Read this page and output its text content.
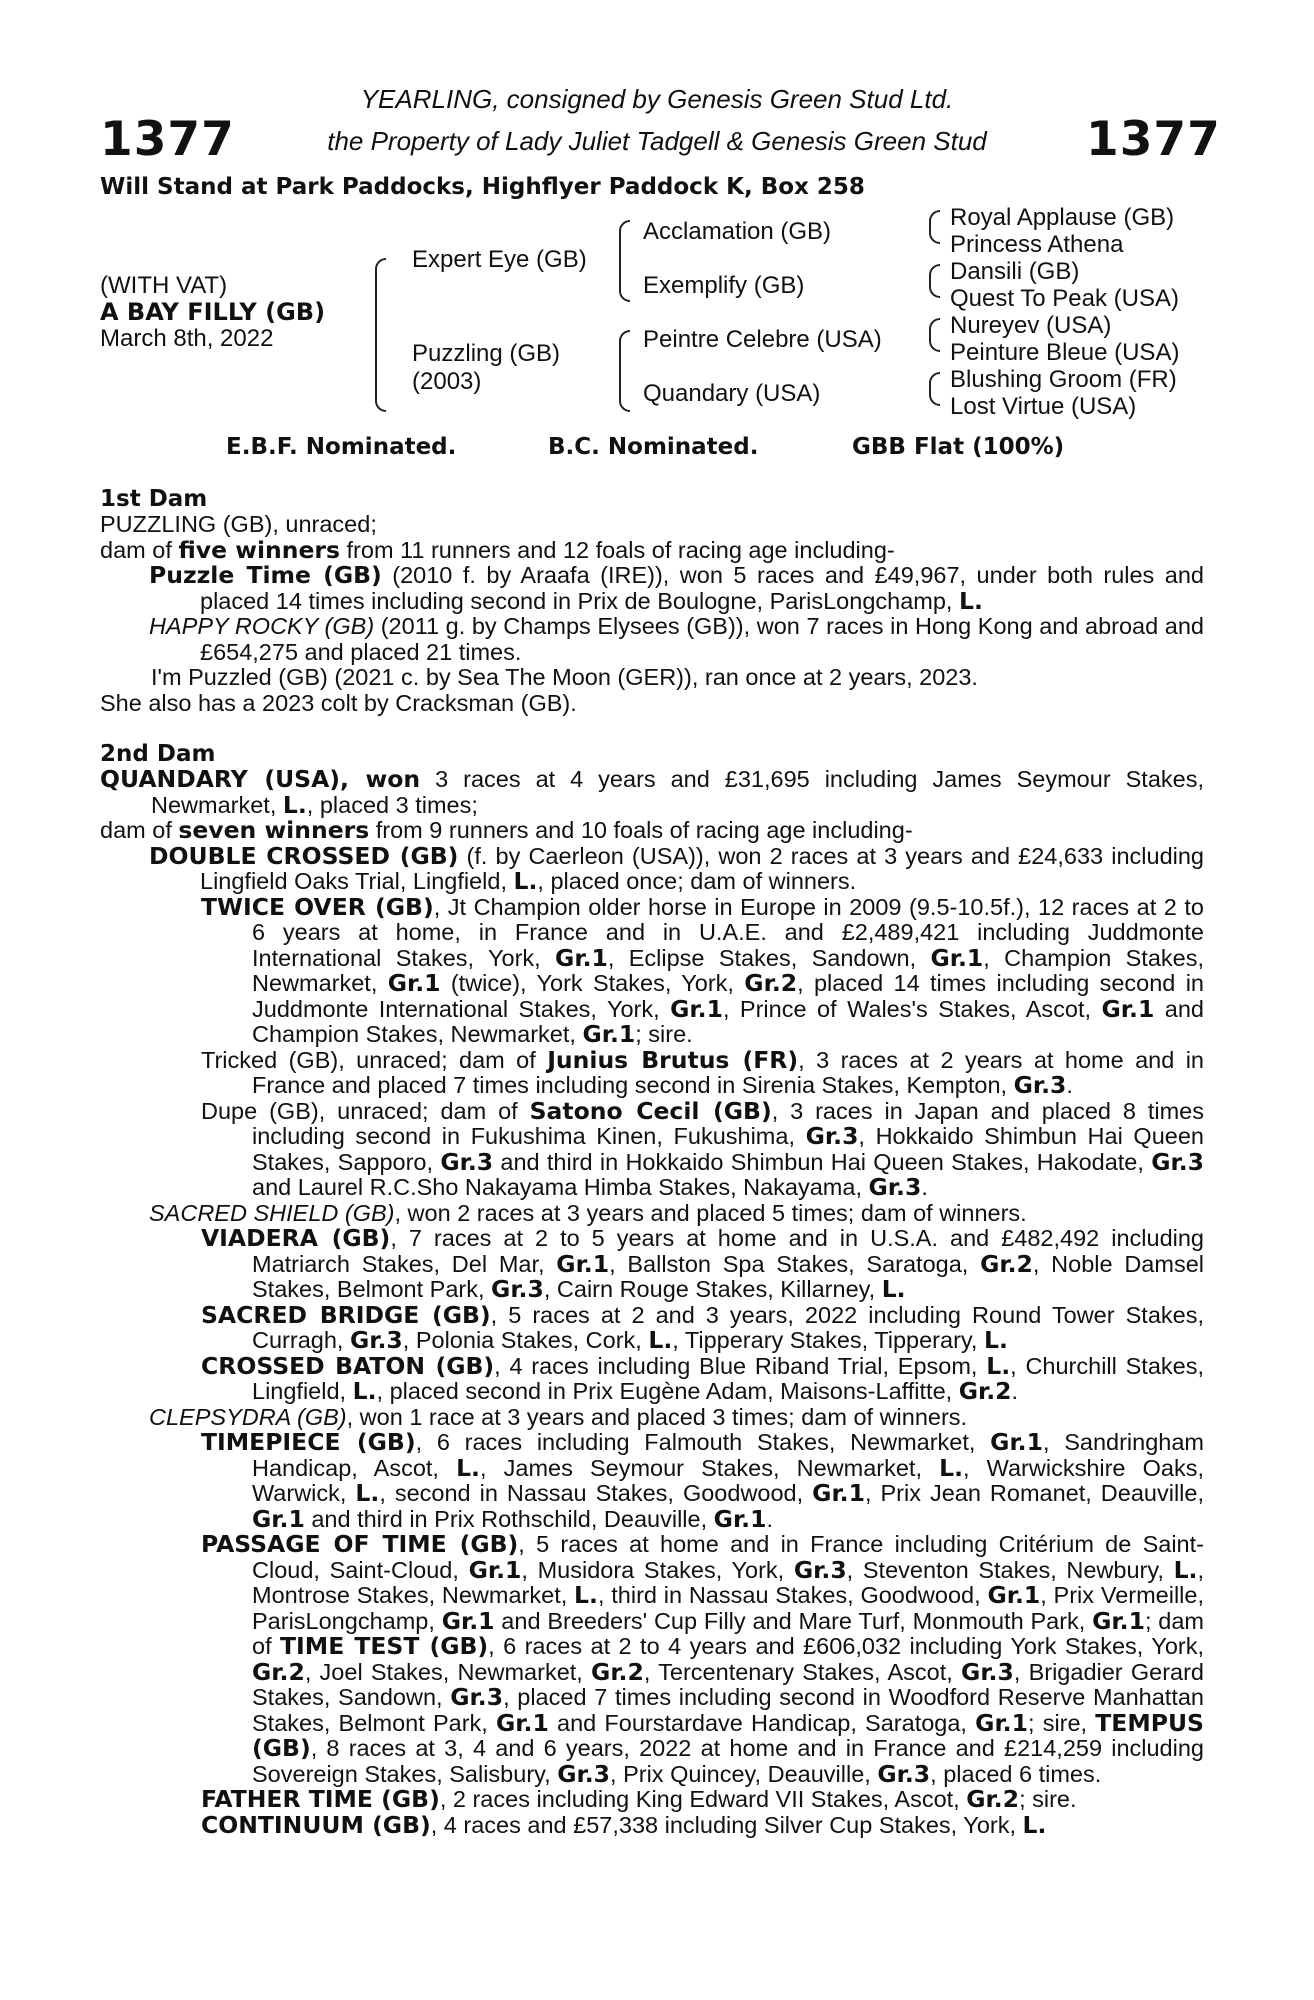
1377	1377
YEARLING, consigned by Genesis Green Stud Ltd.
the Property of Lady Juliet Tadgell & Genesis Green Stud
Will Stand at Park Paddocks, Highflyer Paddock K, Box 258
(WITH VAT)
A BAY FILLY (GB)
March 8th, 2022
Expert Eye (GB)
Puzzling (GB)
(2003)
Acclamation (GB)
Exemplify (GB)
Peintre Celebre (USA)
Quandary (USA)
Royal Applause (GB)
Princess Athena
Dansili (GB)
Quest To Peak (USA)
Nureyev (USA)
Peinture Bleue (USA)
Blushing Groom (FR)
Lost Virtue (USA)
E.B.F. Nominated.	B.C. Nominated.	GBB Flat (100%)
1st Dam

PUZZLING (GB), unraced;

dam of five winners from 11 runners and 12 foals of racing age including-

Puzzle Time (GB) (2010 f. by Araafa (IRE)), won 5 races and £49,967, under both rules and placed 14 times including second in Prix de Boulogne, ParisLongchamp, L.

HAPPY ROCKY (GB) (2011 g. by Champs Elysees (GB)), won 7 races in Hong Kong and abroad and £654,275 and placed 21 times.

I'm Puzzled (GB) (2021 c. by Sea The Moon (GER)), ran once at 2 years, 2023.

She also has a 2023 colt by Cracksman (GB).

2nd Dam

QUANDARY (USA), won 3 races at 4 years and £31,695 including James Seymour Stakes, Newmarket, L., placed 3 times;

dam of seven winners from 9 runners and 10 foals of racing age including-

DOUBLE CROSSED (GB) (f. by Caerleon (USA)), won 2 races at 3 years and £24,633 including Lingfield Oaks Trial, Lingfield, L., placed once; dam of winners.

TWICE OVER (GB), Jt Champion older horse in Europe in 2009 (9.5-10.5f.), 12 races at 2 to 6 years at home, in France and in U.A.E. and £2,489,421 including Juddmonte International Stakes, York, Gr.1, Eclipse Stakes, Sandown, Gr.1, Champion Stakes, Newmarket, Gr.1 (twice), York Stakes, York, Gr.2, placed 14 times including second in Juddmonte International Stakes, York, Gr.1, Prince of Wales's Stakes, Ascot, Gr.1 and Champion Stakes, Newmarket, Gr.1; sire.

Tricked (GB), unraced; dam of Junius Brutus (FR), 3 races at 2 years at home and in France and placed 7 times including second in Sirenia Stakes, Kempton, Gr.3.

Dupe (GB), unraced; dam of Satono Cecil (GB), 3 races in Japan and placed 8 times including second in Fukushima Kinen, Fukushima, Gr.3, Hokkaido Shimbun Hai Queen Stakes, Sapporo, Gr.3 and third in Hokkaido Shimbun Hai Queen Stakes, Hakodate, Gr.3 and Laurel R.C.Sho Nakayama Himba Stakes, Nakayama, Gr.3.

SACRED SHIELD (GB), won 2 races at 3 years and placed 5 times; dam of winners.

VIADERA (GB), 7 races at 2 to 5 years at home and in U.S.A. and £482,492 including Matriarch Stakes, Del Mar, Gr.1, Ballston Spa Stakes, Saratoga, Gr.2, Noble Damsel Stakes, Belmont Park, Gr.3, Cairn Rouge Stakes, Killarney, L.

SACRED BRIDGE (GB), 5 races at 2 and 3 years, 2022 including Round Tower Stakes, Curragh, Gr.3, Polonia Stakes, Cork, L., Tipperary Stakes, Tipperary, L.

CROSSED BATON (GB), 4 races including Blue Riband Trial, Epsom, L., Churchill Stakes, Lingfield, L., placed second in Prix Eugène Adam, Maisons-Laffitte, Gr.2.

CLEPSYDRA (GB), won 1 race at 3 years and placed 3 times; dam of winners.

TIMEPIECE (GB), 6 races including Falmouth Stakes, Newmarket, Gr.1, Sandringham Handicap, Ascot, L., James Seymour Stakes, Newmarket, L., Warwickshire Oaks, Warwick, L., second in Nassau Stakes, Goodwood, Gr.1, Prix Jean Romanet, Deauville, Gr.1 and third in Prix Rothschild, Deauville, Gr.1.

PASSAGE OF TIME (GB), 5 races at home and in France including Critérium de Saint-Cloud, Saint-Cloud, Gr.1, Musidora Stakes, York, Gr.3, Steventon Stakes, Newbury, L., Montrose Stakes, Newmarket, L., third in Nassau Stakes, Goodwood, Gr.1, Prix Vermeille, ParisLongchamp, Gr.1 and Breeders' Cup Filly and Mare Turf, Monmouth Park, Gr.1; dam of TIME TEST (GB), 6 races at 2 to 4 years and £606,032 including York Stakes, York, Gr.2, Joel Stakes, Newmarket, Gr.2, Tercentenary Stakes, Ascot, Gr.3, Brigadier Gerard Stakes, Sandown, Gr.3, placed 7 times including second in Woodford Reserve Manhattan Stakes, Belmont Park, Gr.1 and Fourstardave Handicap, Saratoga, Gr.1; sire, TEMPUS (GB), 8 races at 3, 4 and 6 years, 2022 at home and in France and £214,259 including Sovereign Stakes, Salisbury, Gr.3, Prix Quincey, Deauville, Gr.3, placed 6 times.

FATHER TIME (GB), 2 races including King Edward VII Stakes, Ascot, Gr.2; sire.

CONTINUUM (GB), 4 races and £57,338 including Silver Cup Stakes, York, L.
